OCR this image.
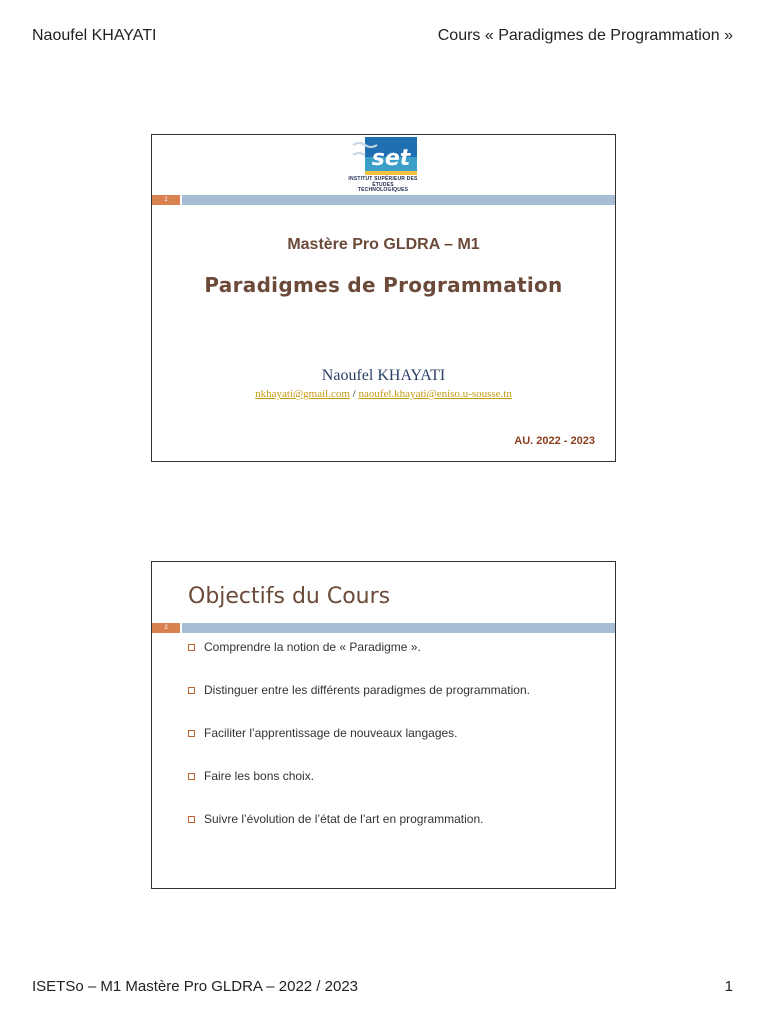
Naoufel KHAYATI	Cours « Paradigmes de Programmation »
set
INSTITUT SUPÉRIEUR DES ÉTUDES TECHNOLOGIQUES
1
Mastère Pro GLDRA – M1
Paradigmes de Programmation
Naoufel KHAYATI
nkhayati@gmail.com / naoufel.khayati@eniso.u-sousse.tn
AU. 2022 - 2023
Objectifs du Cours
2
Comprendre la notion de « Paradigme ».
Distinguer entre les différents paradigmes de programmation.
Faciliter l’apprentissage de nouveaux langages.
Faire les bons choix.
Suivre l’évolution de l’état de l’art en programmation.
ISETSo – M1 Mastère Pro GLDRA – 2022 / 2023	1
